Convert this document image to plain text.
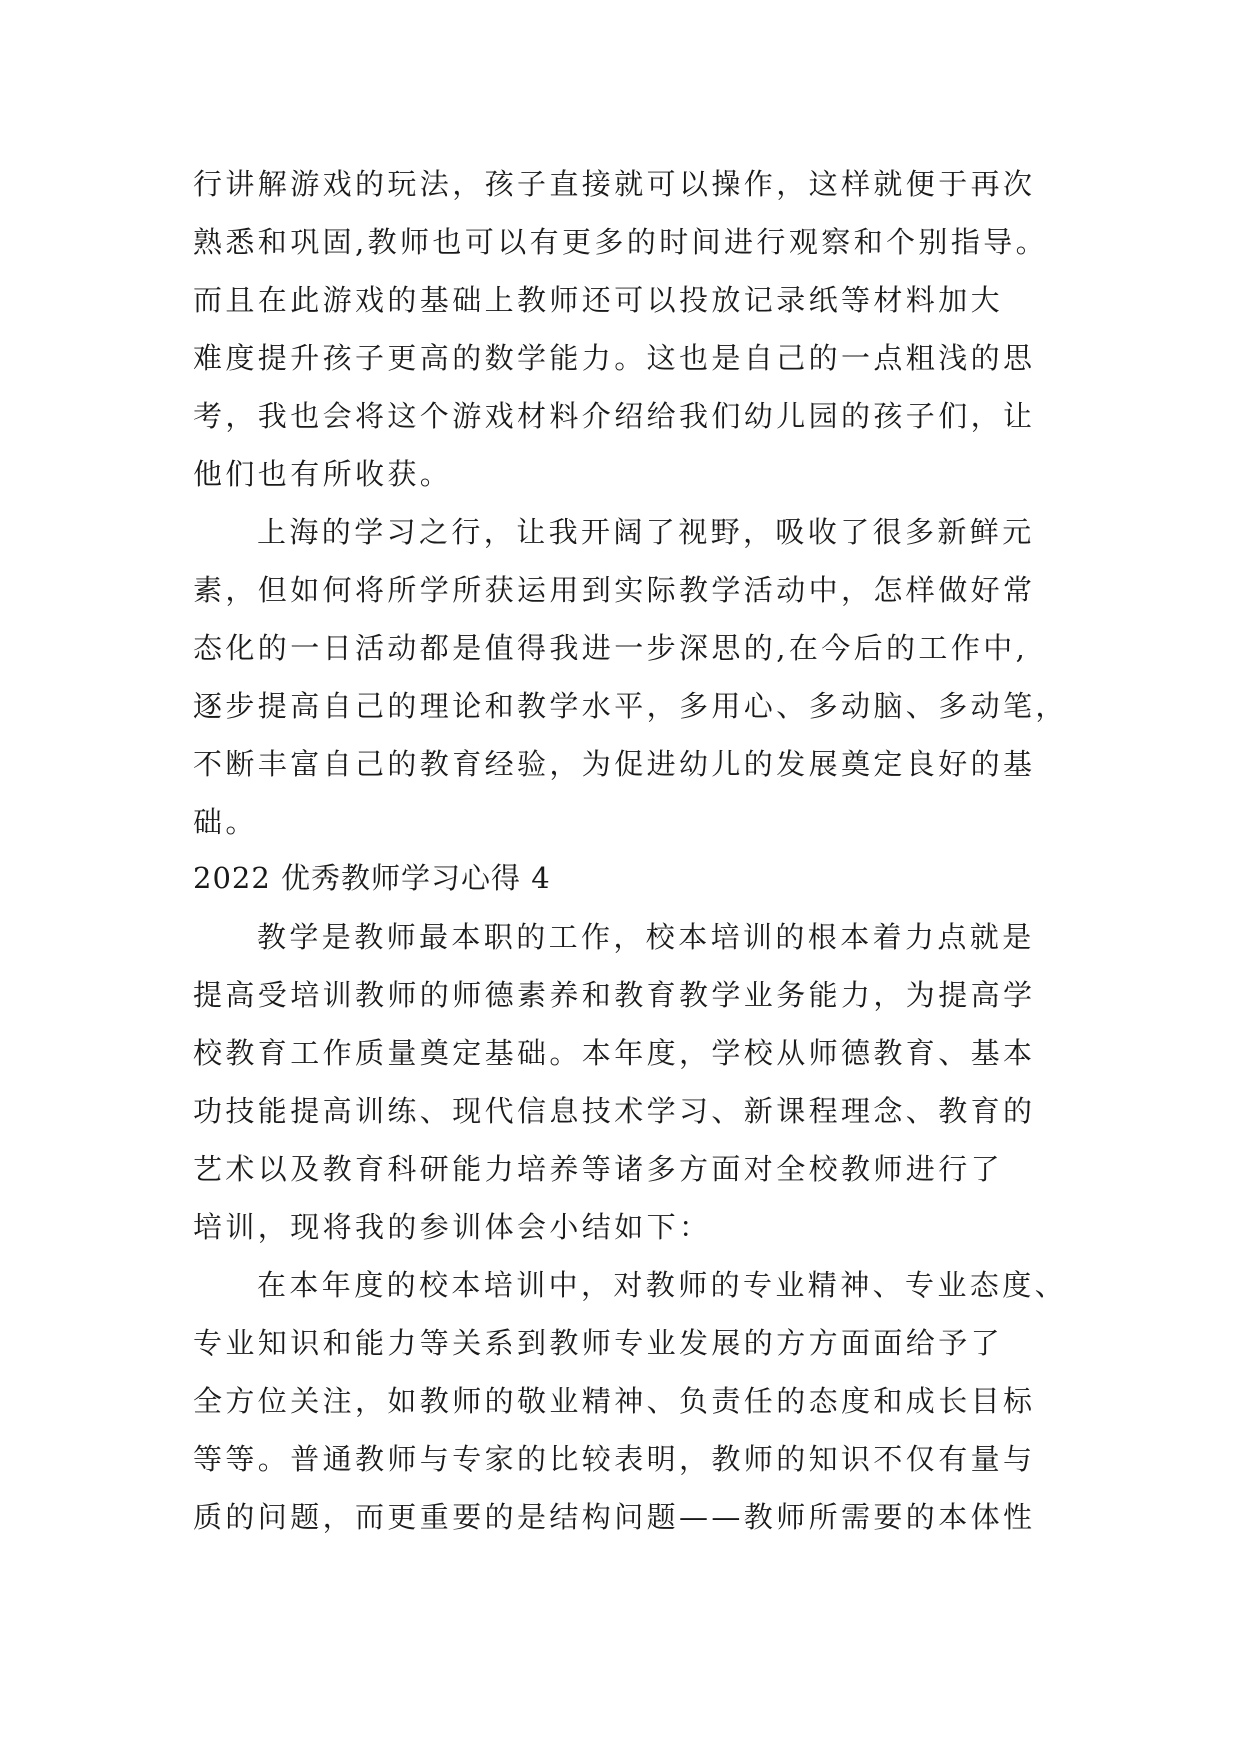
行讲解游戏的玩法，孩子直接就可以操作，这样就便于再次
熟悉和巩固,教师也可以有更多的时间进行观察和个别指导。
而且在此游戏的基础上教师还可以投放记录纸等材料加大
难度提升孩子更高的数学能力。这也是自己的一点粗浅的思
考，我也会将这个游戏材料介绍给我们幼儿园的孩子们，让
他们也有所收获。
上海的学习之行，让我开阔了视野，吸收了很多新鲜元
素，但如何将所学所获运用到实际教学活动中，怎样做好常
态化的一日活动都是值得我进一步深思的,在今后的工作中,
逐步提高自己的理论和教学水平，多用心、多动脑、多动笔，
不断丰富自己的教育经验，为促进幼儿的发展奠定良好的基
础。
2022 优秀教师学习心得 4
教学是教师最本职的工作，校本培训的根本着力点就是
提高受培训教师的师德素养和教育教学业务能力，为提高学
校教育工作质量奠定基础。本年度，学校从师德教育、基本
功技能提高训练、现代信息技术学习、新课程理念、教育的
艺术以及教育科研能力培养等诸多方面对全校教师进行了
培训，现将我的参训体会小结如下：
在本年度的校本培训中，对教师的专业精神、专业态度、
专业知识和能力等关系到教师专业发展的方方面面给予了
全方位关注，如教师的敬业精神、负责任的态度和成长目标
等等。普通教师与专家的比较表明，教师的知识不仅有量与
质的问题，而更重要的是结构问题——教师所需要的本体性
